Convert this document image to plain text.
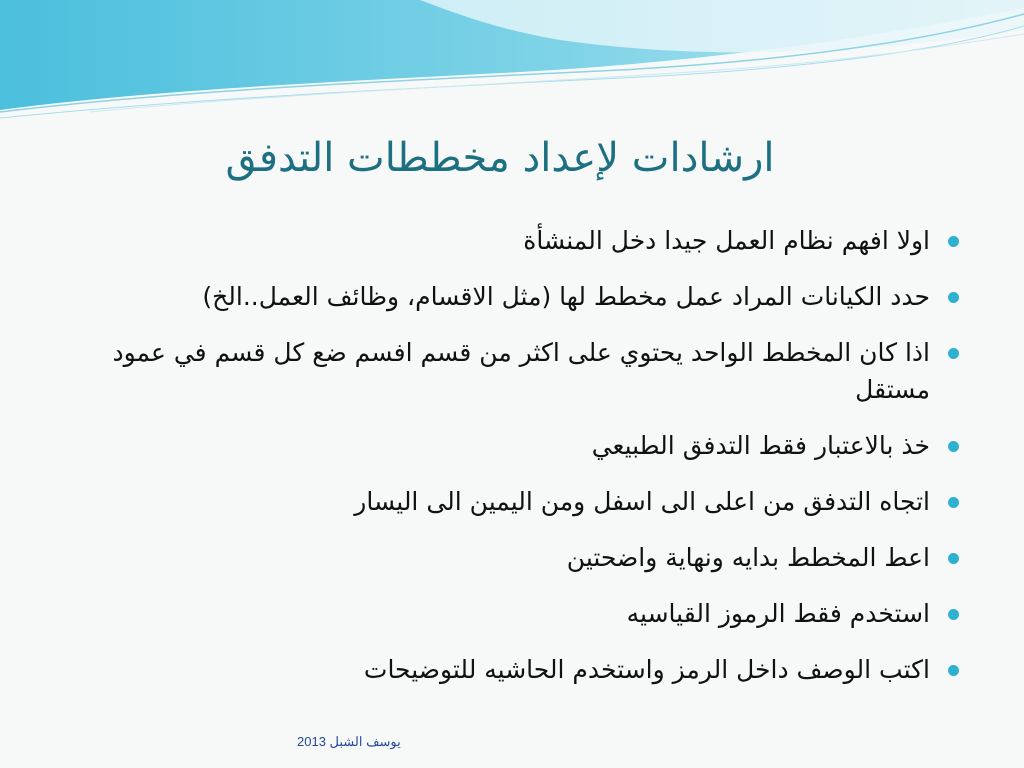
ارشادات لإعداد مخططات التدفق
اولا افهم نظام العمل جيدا دخل المنشأة
حدد الكيانات المراد عمل مخطط لها (مثل الاقسام، وظائف العمل..الخ)
اذا كان المخطط الواحد يحتوي على اكثر من قسم افسم ضع كل قسم في عمود مستقل
خذ بالاعتبار فقط التدفق الطبيعي
اتجاه التدفق من اعلى الى اسفل ومن اليمين الى اليسار
اعط المخطط بدايه ونهاية واضحتين
استخدم فقط الرموز القياسيه
اكتب الوصف داخل الرمز واستخدم الحاشيه للتوضيحات
يوسف الشبل 2013
